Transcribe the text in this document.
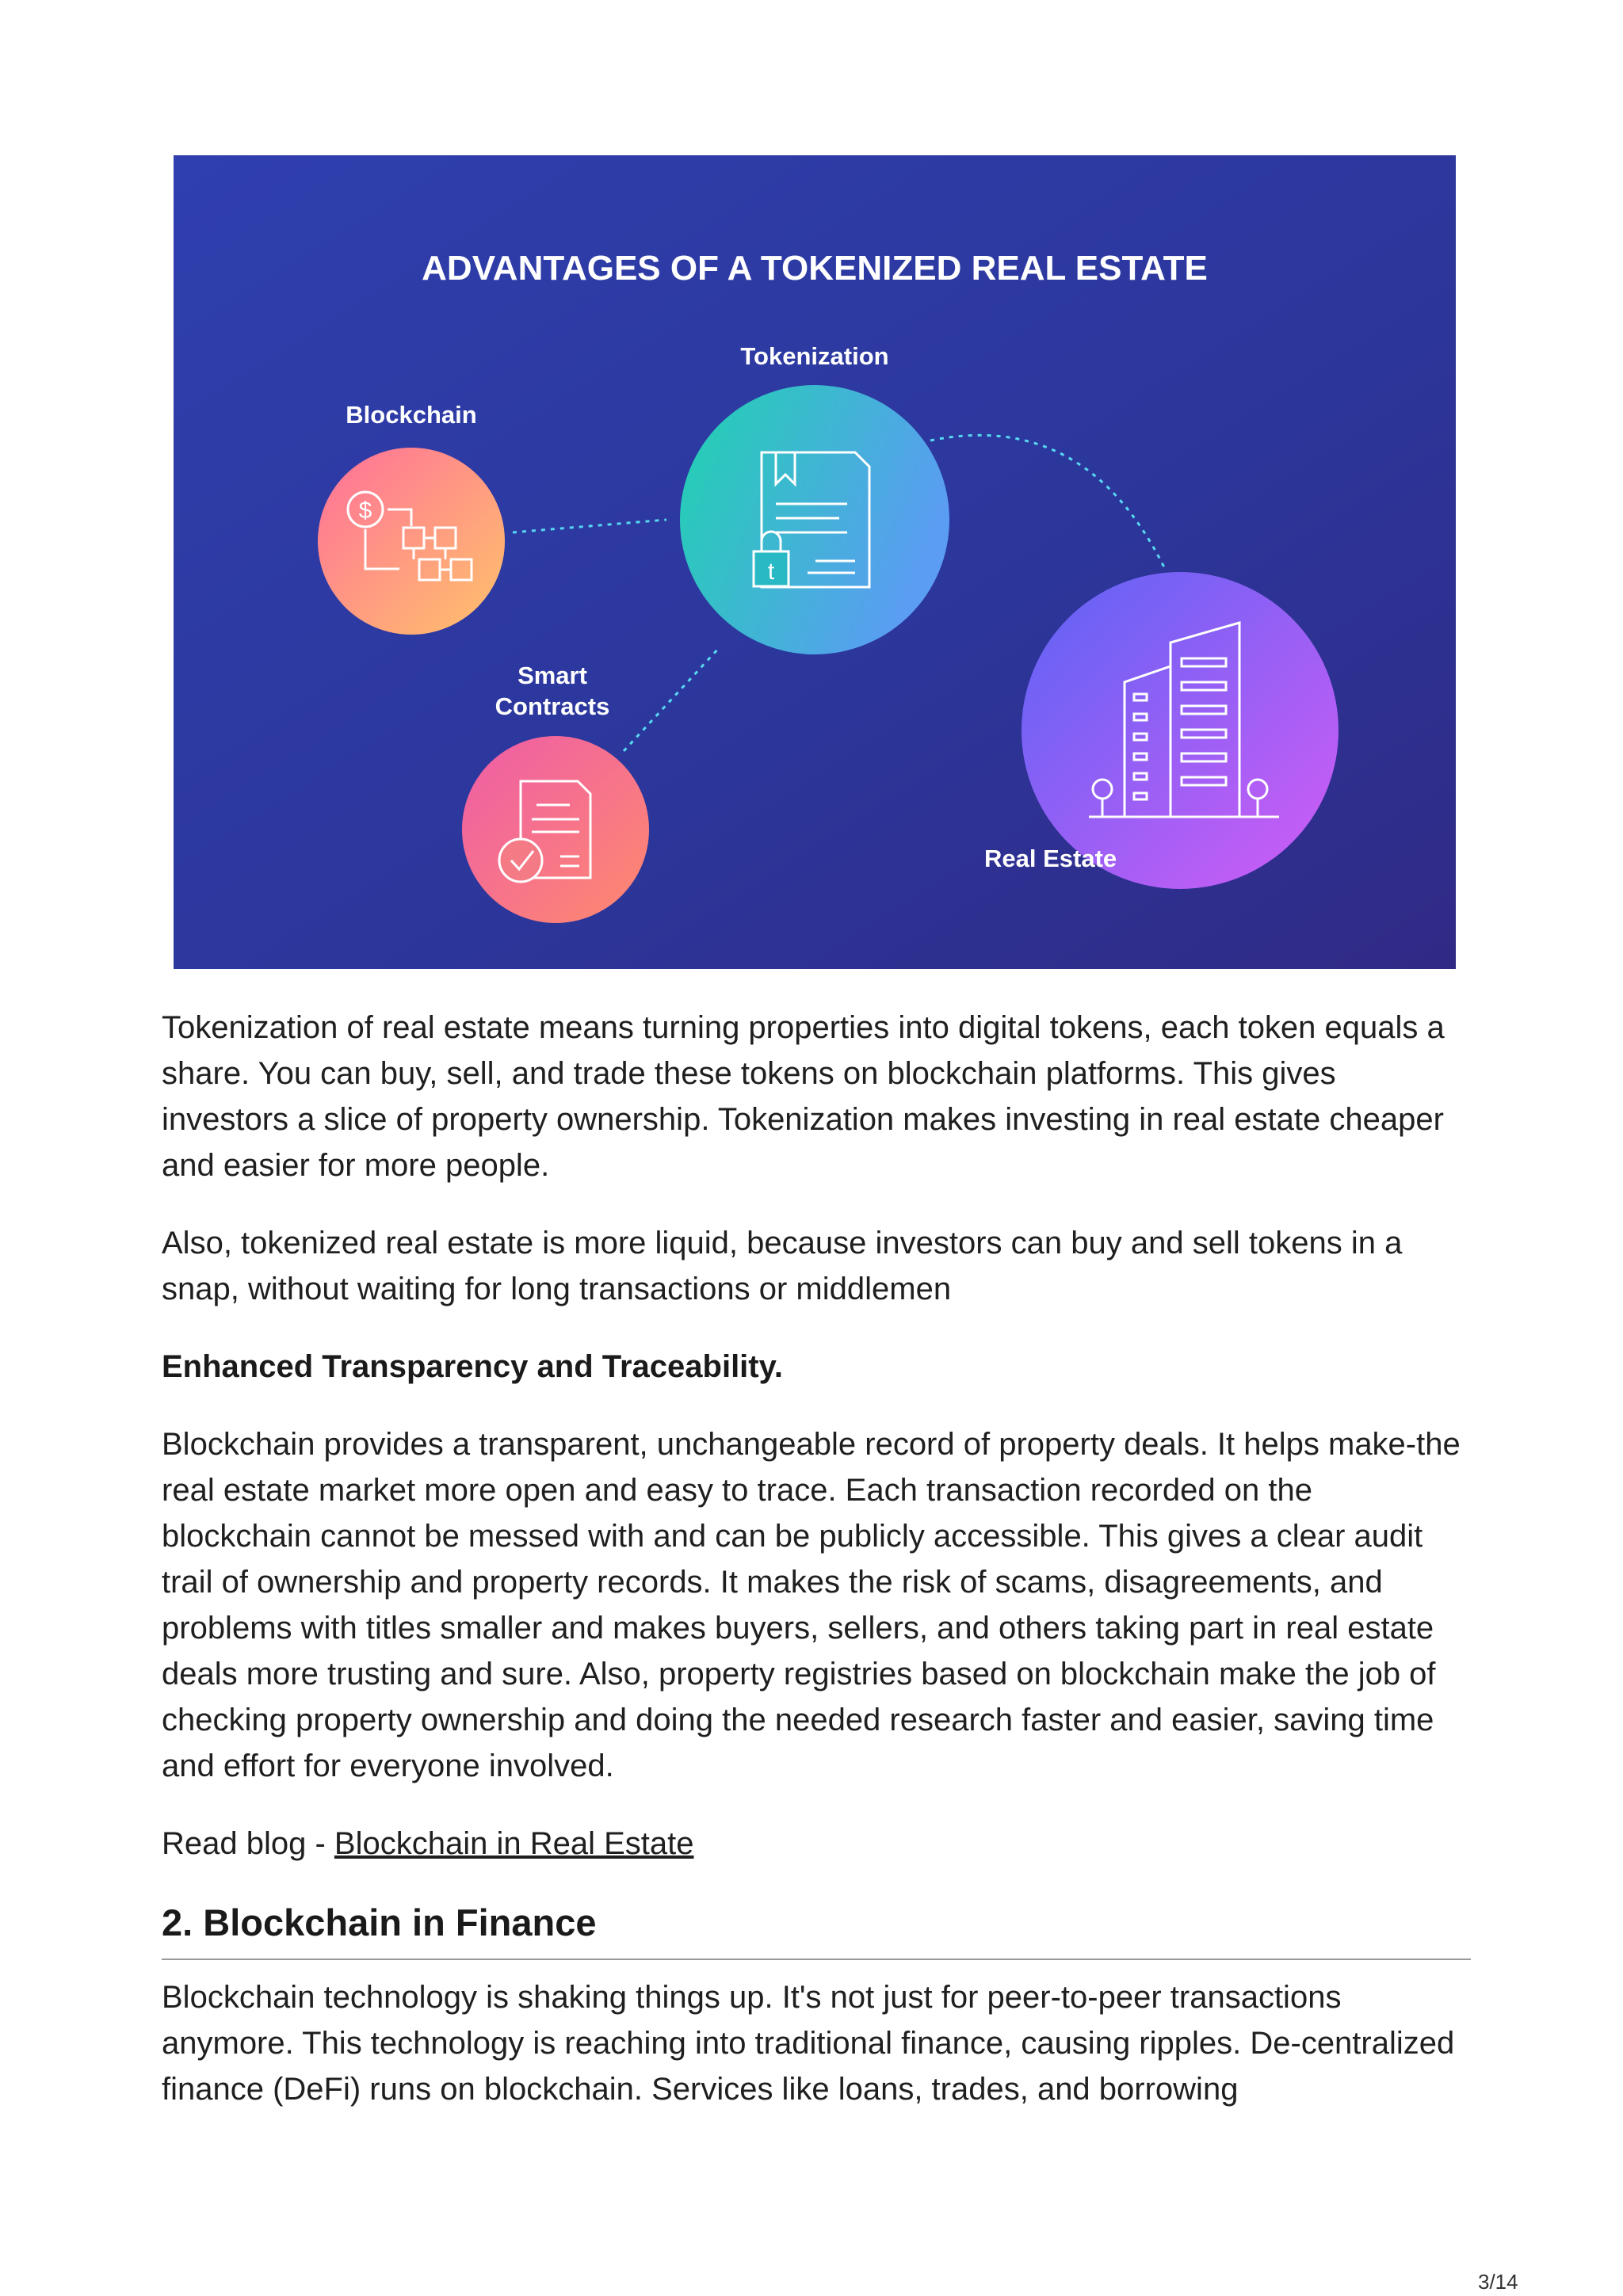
ADVANTAGES OF A TOKENIZED REAL ESTATE
$
Blockchain
t
Tokenization
Smart
Contracts
Real Estate

Tokenization of real estate means turning properties into digital tokens, each token equals a share. You can buy, sell, and trade these tokens on blockchain platforms. This gives investors a slice of property ownership. Tokenization makes investing in real estate cheaper and easier for more people.

Also, tokenized real estate is more liquid, because investors can buy and sell tokens in a snap, without waiting for long transactions or middlemen

Enhanced Transparency and Traceability.

Blockchain provides a transparent, unchangeable record of property deals. It helps make-the real estate market more open and easy to trace. Each transaction recorded on the blockchain cannot be messed with and can be publicly accessible. This gives a clear audit trail of ownership and property records. It makes the risk of scams, disagreements, and problems with titles smaller and makes buyers, sellers, and others taking part in real estate deals more trusting and sure. Also, property registries based on blockchain make the job of checking property ownership and doing the needed research faster and easier, saving time and effort for everyone involved.

Read blog - Blockchain in Real Estate

2. Blockchain in Finance

Blockchain technology is shaking things up. It's not just for peer-to-peer transactions anymore. This technology is reaching into traditional finance, causing ripples. De-centralized finance (DeFi) runs on blockchain. Services like loans, trades, and borrowing

3/14
